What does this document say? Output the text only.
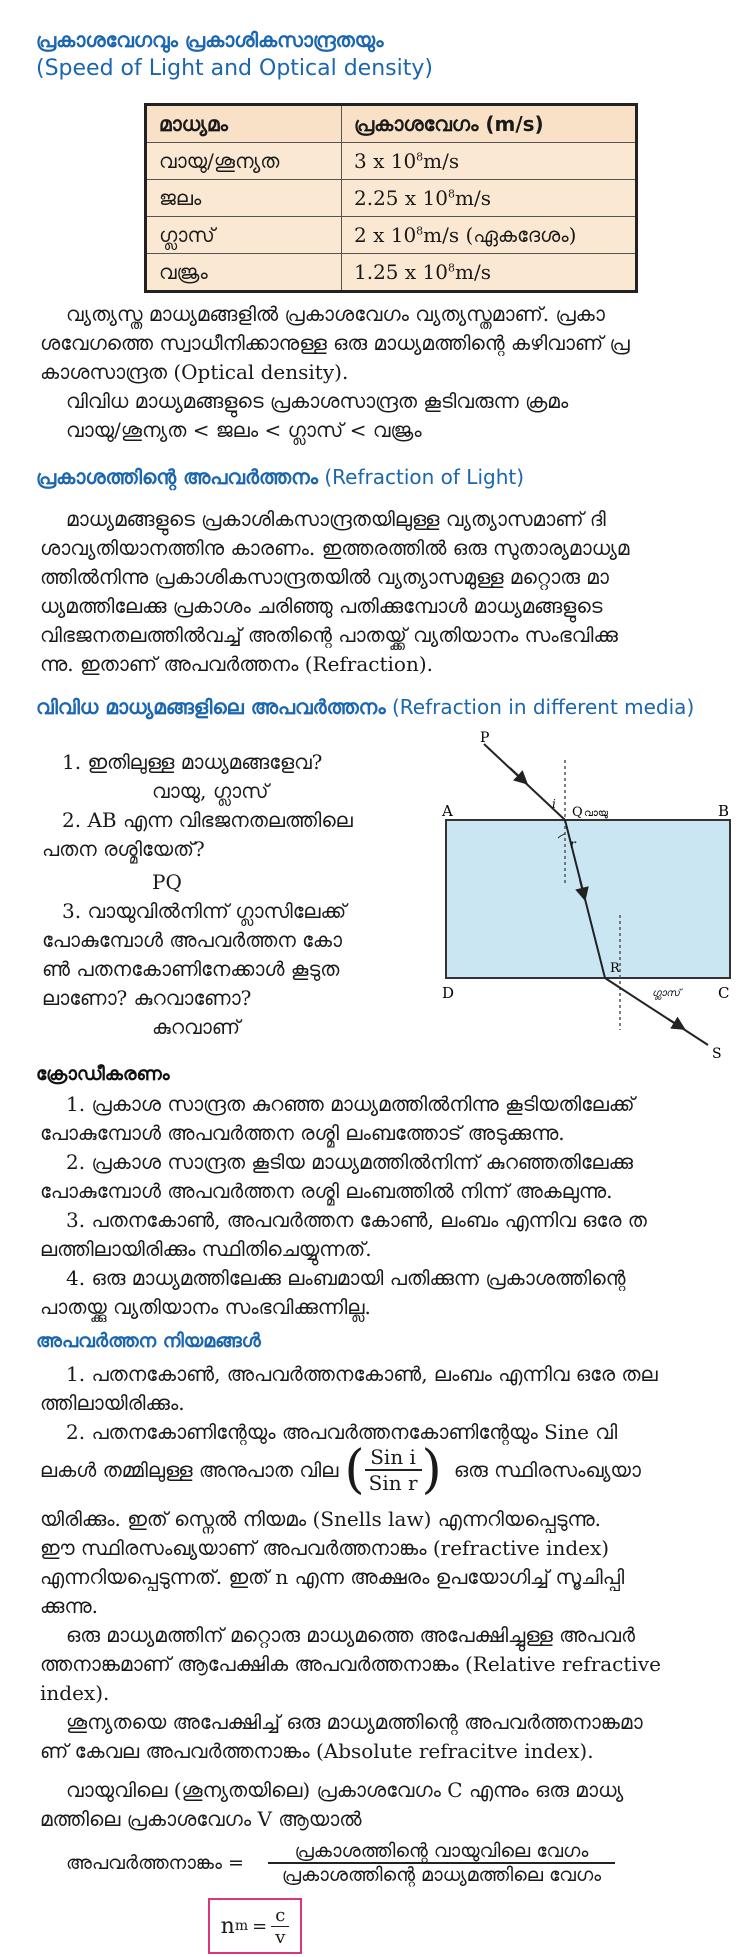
പ്രകാശവേഗവും പ്രകാശികസാന്ദ്രതയും
(Speed of Light and Optical density)
മാധ്യമം	പ്രകാശവേഗം (m/s)
വായു/ശൂന്യത	3 x $10^8m/s$
ജലം	2.25 x $10^8m/s$
ഗ്ലാസ്	2 x $10^8m/s$ (ഏകദേശം)
വജ്രം	1.25 x $10^8m/s$
വ്യത്യസ്ത മാധ്യമങ്ങളിൽ പ്രകാശവേഗം വ്യത്യസ്തമാണ്. പ്രകാ
ശവേഗത്തെ സ്വാധീനിക്കാനുള്ള ഒരു മാധ്യമത്തിന്റെ കഴിവാണ് പ്ര
കാശസാന്ദ്രത (Optical density).
വിവിധ മാധ്യമങ്ങളുടെ പ്രകാശസാന്ദ്രത കൂടിവരുന്ന ക്രമം
വായു/ശൂന്യത < ജലം < ഗ്ലാസ് < വജ്രം
പ്രകാശത്തിന്റെ അപവർത്തനം (Refraction of Light)
മാധ്യമങ്ങളുടെ പ്രകാശികസാന്ദ്രതയിലുള്ള വ്യത്യാസമാണ് ദി
ശാവ്യതിയാനത്തിനു കാരണം. ഇത്തരത്തിൽ ഒരു സുതാര്യമാധ്യമ
ത്തിൽനിന്നു പ്രകാശികസാന്ദ്രതയിൽ വ്യത്യാസമുള്ള മറ്റൊരു മാ
ധ്യമത്തിലേക്കു പ്രകാശം ചരിഞ്ഞു പതിക്കുമ്പോൾ മാധ്യമങ്ങളുടെ
വിഭജനതലത്തിൽവച്ച് അതിന്റെ പാതയ്ക്ക് വ്യതിയാനം സംഭവിക്കു
ന്നു. ഇതാണ് അപവർത്തനം (Refraction).
വിവിധ മാധ്യമങ്ങളിലെ അപവർത്തനം (Refraction in different media)
1. ഇതിലുള്ള മാധ്യമങ്ങളേവ?
വായു, ഗ്ലാസ്
2. AB എന്ന വിഭജനതലത്തിലെ
പതന രശ്മിയേത്?
PQ
3. വായുവിൽനിന്ന് ഗ്ലാസിലേക്ക്
പോകുമ്പോൾ അപവർത്തന കോ
ൺ പതനകോണിനേക്കാൾ കൂടുത
ലാണോ? കുറവാണോ?
കുറവാണ്
P
A	B
D	C
Q വായു
i
r
R
ഗ്ലാസ്
S
ക്രോഡീകരണം
1. പ്രകാശ സാന്ദ്രത കുറഞ്ഞ മാധ്യമത്തിൽനിന്നു കൂടിയതിലേക്ക്
പോകുമ്പോൾ അപവർത്തന രശ്മി ലംബത്തോട് അടുക്കുന്നു.
2. പ്രകാശ സാന്ദ്രത കൂടിയ മാധ്യമത്തിൽനിന്ന് കുറഞ്ഞതിലേക്കു
പോകുമ്പോൾ അപവർത്തന രശ്മി ലംബത്തിൽ നിന്ന് അകലുന്നു.
3. പതനകോൺ, അപവർത്തന കോൺ, ലംബം എന്നിവ ഒരേ ത
ലത്തിലായിരിക്കും സ്ഥിതിചെയ്യുന്നത്.
4. ഒരു മാധ്യമത്തിലേക്കു ലംബമായി പതിക്കുന്ന പ്രകാശത്തിന്റെ
പാതയ്ക്കു വ്യതിയാനം സംഭവിക്കുന്നില്ല.
അപവർത്തന നിയമങ്ങൾ
1. പതനകോൺ, അപവർത്തനകോൺ, ലംബം എന്നിവ ഒരേ തല
ത്തിലായിരിക്കും.
2. പതനകോണിന്റേയും അപവർത്തനകോണിന്റേയും Sine വി
ലകൾ തമ്മിലുള്ള അനുപാത വില ( $\frac{\text{Sin i}}{\text{Sin r}}$ ) ഒരു സ്ഥിരസംഖ്യയാ
യിരിക്കും. ഇത് സ്നെൽ നിയമം (Snells law) എന്നറിയപ്പെടുന്നു.
ഈ സ്ഥിരസംഖ്യയാണ് അപവർത്തനാങ്കം (refractive index)
എന്നറിയപ്പെടുന്നത്. ഇത് n എന്ന അക്ഷരം ഉപയോഗിച്ച് സൂചിപ്പി
ക്കുന്നു.
ഒരു മാധ്യമത്തിന് മറ്റൊരു മാധ്യമത്തെ അപേക്ഷിച്ചുള്ള അപവർ
ത്തനാങ്കമാണ് ആപേക്ഷിക അപവർത്തനാങ്കം (Relative refractive
index).
ശൂന്യതയെ അപേക്ഷിച്ച് ഒരു മാധ്യമത്തിന്റെ അപവർത്തനാങ്കമാ
ണ് കേവല അപവർത്തനാങ്കം (Absolute refracitve index).
വായുവിലെ (ശൂന്യതയിലെ) പ്രകാശവേഗം C എന്നും ഒരു മാധ്യ
മത്തിലെ പ്രകാശവേഗം V ആയാൽ
അപവർത്തനാങ്കം = $\frac{\text{പ്രകാശത്തിന്റെ വായുവിലെ വേഗം}}{\text{പ്രകാശത്തിന്റെ മാധ്യമത്തിലെ വേഗം}}$
n $m = \frac{c}{v}$
